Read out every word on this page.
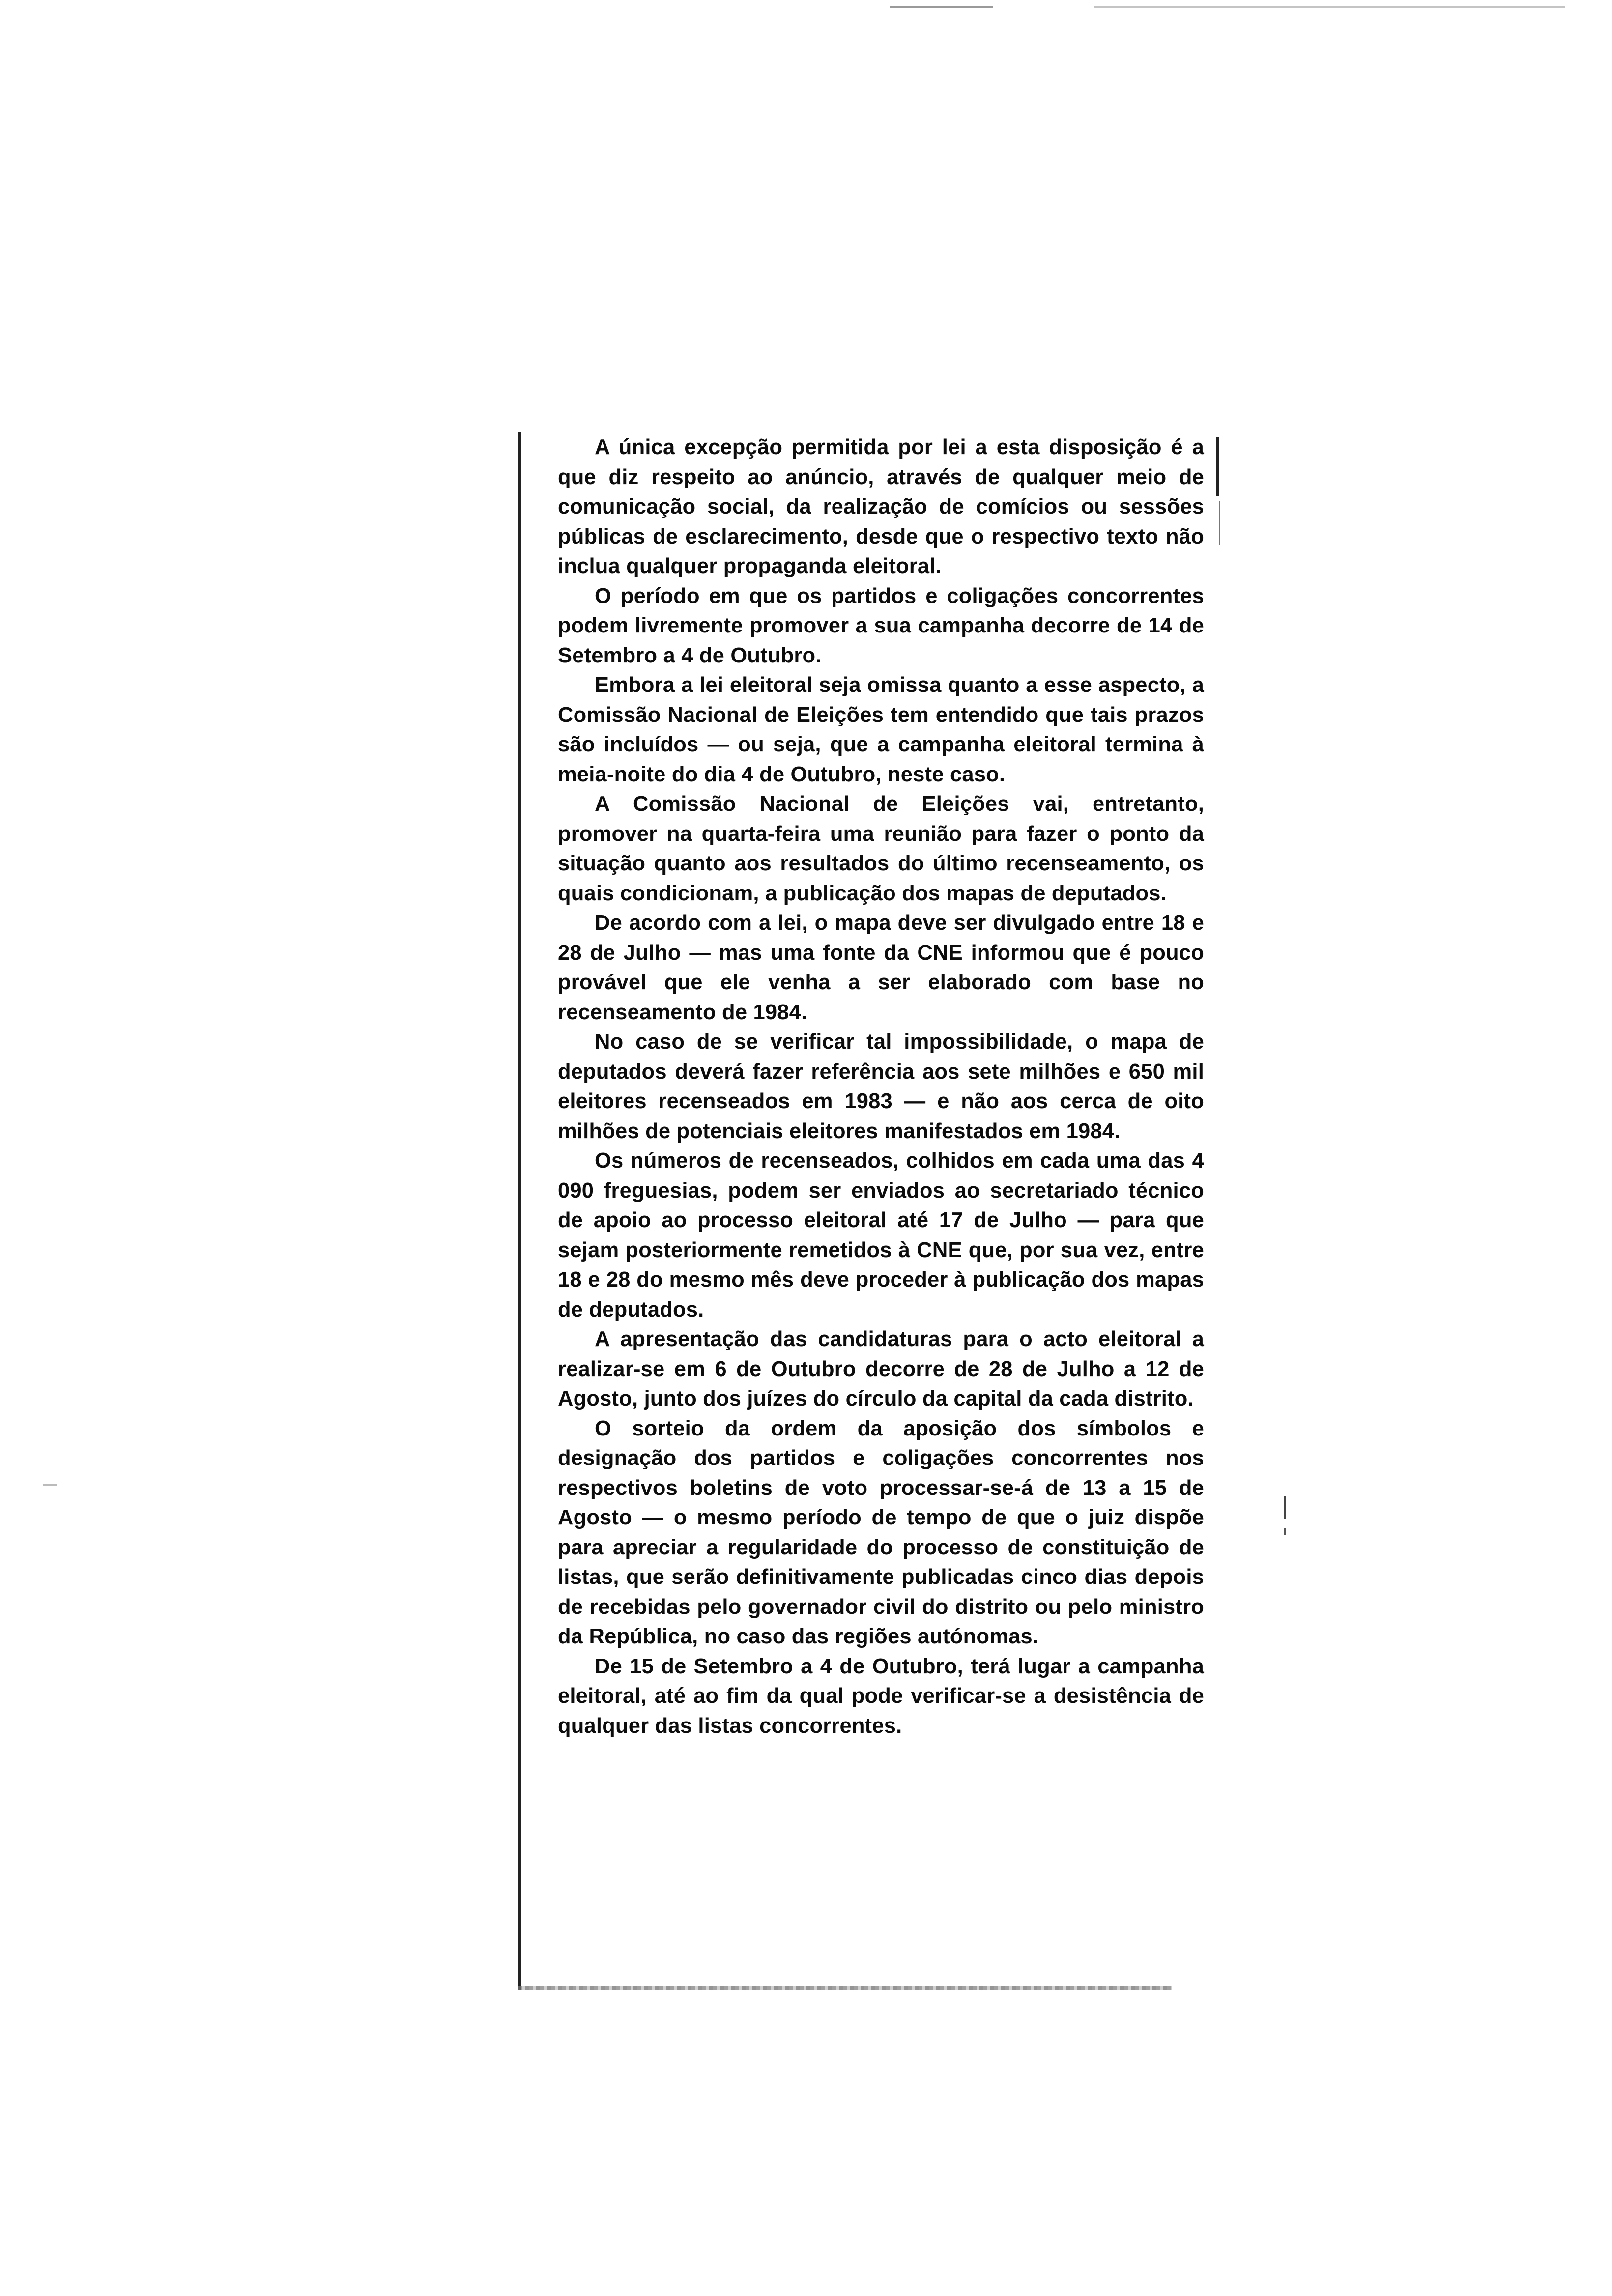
A única excepção permitida por lei a esta disposição é a que diz respeito ao anúncio, através de qualquer meio de comunicação social, da realização de comícios ou sessões públicas de esclarecimento, desde que o respectivo texto não inclua qualquer propaganda eleitoral.

O período em que os partidos e coligações concorrentes podem livremente promover a sua campanha decorre de 14 de Setembro a 4 de Outubro.

Embora a lei eleitoral seja omissa quanto a esse aspecto, a Comissão Nacional de Eleições tem entendido que tais prazos são incluídos — ou seja, que a campanha eleitoral termina à meia-noite do dia 4 de Outubro, neste caso.

A Comissão Nacional de Eleições vai, entretanto, promover na quarta-feira uma reunião para fazer o ponto da situação quanto aos resultados do último recenseamento, os quais condicionam, a publicação dos mapas de deputados.

De acordo com a lei, o mapa deve ser divulgado entre 18 e 28 de Julho — mas uma fonte da CNE informou que é pouco provável que ele venha a ser elaborado com base no recenseamento de 1984.

No caso de se verificar tal impossibilidade, o mapa de deputados deverá fazer referência aos sete milhões e 650 mil eleitores recenseados em 1983 — e não aos cerca de oito milhões de potenciais eleitores manifestados em 1984.

Os números de recenseados, colhidos em cada uma das 4 090 freguesias, podem ser enviados ao secretariado técnico de apoio ao processo eleitoral até 17 de Julho — para que sejam posteriormente remetidos à CNE que, por sua vez, entre 18 e 28 do mesmo mês deve proceder à publicação dos mapas de deputados.

A apresentação das candidaturas para o acto eleitoral a realizar-se em 6 de Outubro decorre de 28 de Julho a 12 de Agosto, junto dos juízes do círculo da capital da cada distrito.

O sorteio da ordem da aposição dos símbolos e designação dos partidos e coligações concorrentes nos respectivos boletins de voto processar-se-á de 13 a 15 de Agosto — o mesmo período de tempo de que o juiz dispõe para apreciar a regularidade do processo de constituição de listas, que serão definitivamente publicadas cinco dias depois de recebidas pelo governador civil do distrito ou pelo ministro da República, no caso das regiões autónomas.

De 15 de Setembro a 4 de Outubro, terá lugar a campanha eleitoral, até ao fim da qual pode verificar-se a desistência de qualquer das listas concorrentes.
